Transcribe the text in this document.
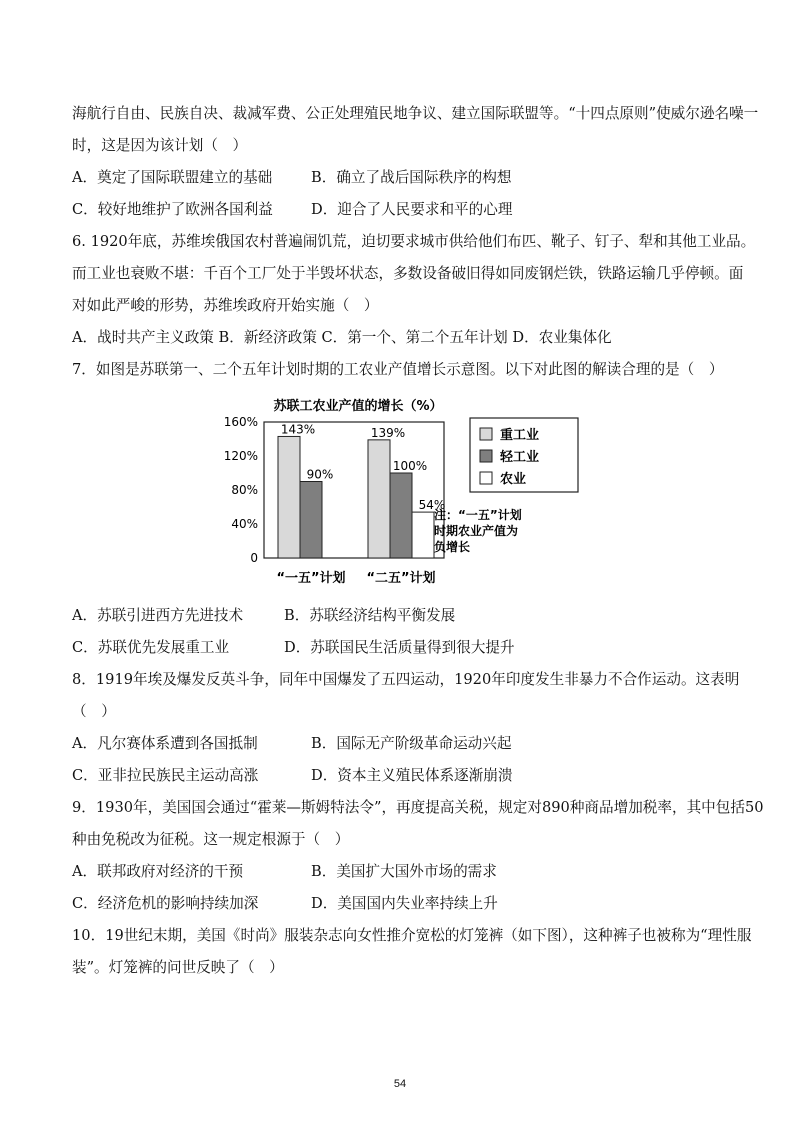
海航行自由、民族自决、裁减军费、公正处理殖民地争议、建立国际联盟等。“十四点原则”使威尔逊名噪一
时，这是因为该计划（　）
A．奠定了国际联盟建立的基础	B．确立了战后国际秩序的构想
C．较好地维护了欧洲各国利益	D．迎合了人民要求和平的心理
6. 1920年底，苏维埃俄国农村普遍闹饥荒，迫切要求城市供给他们布匹、靴子、钉子、犁和其他工业品。
而工业也衰败不堪：千百个工厂处于半毁坏状态，多数设备破旧得如同废钢烂铁，铁路运输几乎停顿。面
对如此严峻的形势，苏维埃政府开始实施（　）
A．战时共产主义政策 B．新经济政策 C．第一个、第二个五年计划 D．农业集体化
7．如图是苏联第一、二个五年计划时期的工农业产值增长示意图。以下对此图的解读合理的是（　）
苏联工农业产值的增长（%）
0
40%
80%
120%
160%
143%
90%
“一五”计划
139%
100%
54%
“二五”计划
重工业
轻工业
农业
注：“一五”计划
时期农业产值为
负增长
A．苏联引进西方先进技术	B．苏联经济结构平衡发展
C．苏联优先发展重工业	D．苏联国民生活质量得到很大提升
8．1919年埃及爆发反英斗争，同年中国爆发了五四运动，1920年印度发生非暴力不合作运动。这表明
（　）
A．凡尔赛体系遭到各国抵制	B．国际无产阶级革命运动兴起
C．亚非拉民族民主运动高涨	D．资本主义殖民体系逐渐崩溃
9．1930年，美国国会通过“霍莱—斯姆特法令”，再度提高关税，规定对890种商品增加税率，其中包括50
种由免税改为征税。这一规定根源于（　）
A．联邦政府对经济的干预	B．美国扩大国外市场的需求
C．经济危机的影响持续加深	D．美国国内失业率持续上升
10．19世纪末期，美国《时尚》服装杂志向女性推介宽松的灯笼裤（如下图），这种裤子也被称为“理性服
装”。灯笼裤的问世反映了（　）
54
